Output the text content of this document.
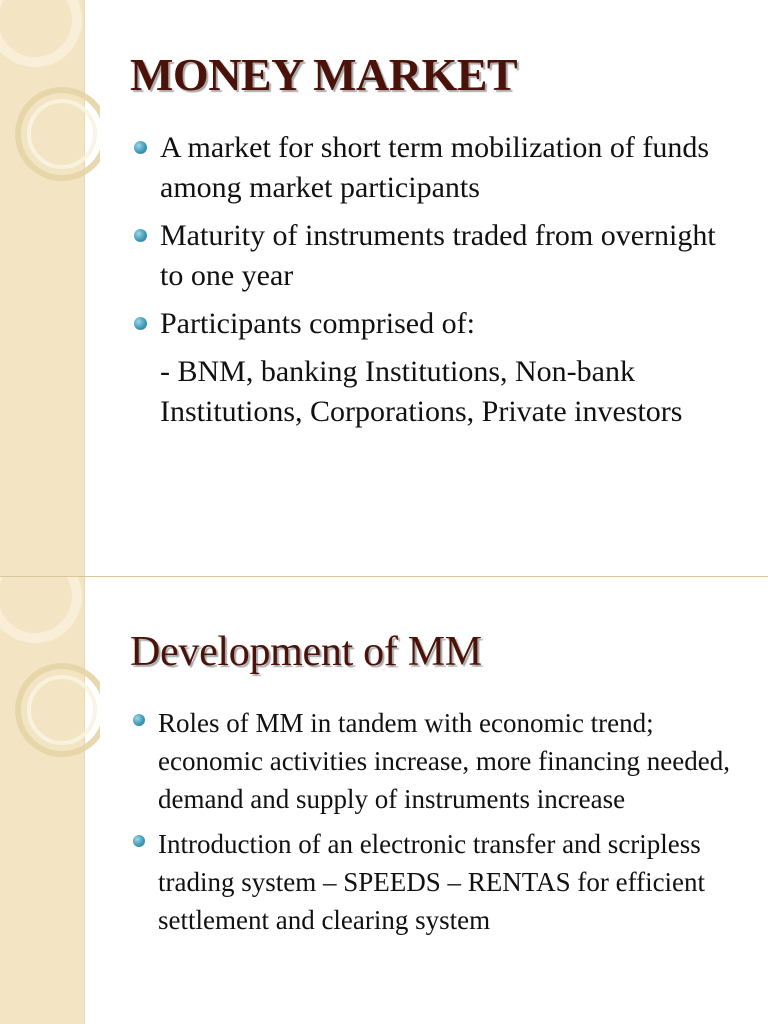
MONEY MARKET
A market for short term mobilization of funds among market participants
Maturity of instruments traded from overnight to one year
Participants comprised of:
- BNM, banking Institutions, Non-bank Institutions, Corporations, Private investors
Development of MM
Roles of MM in tandem with economic trend; economic activities increase, more financing needed, demand and supply of instruments increase
Introduction of an electronic transfer and scripless trading system – SPEEDS – RENTAS for efficient settlement and clearing system
